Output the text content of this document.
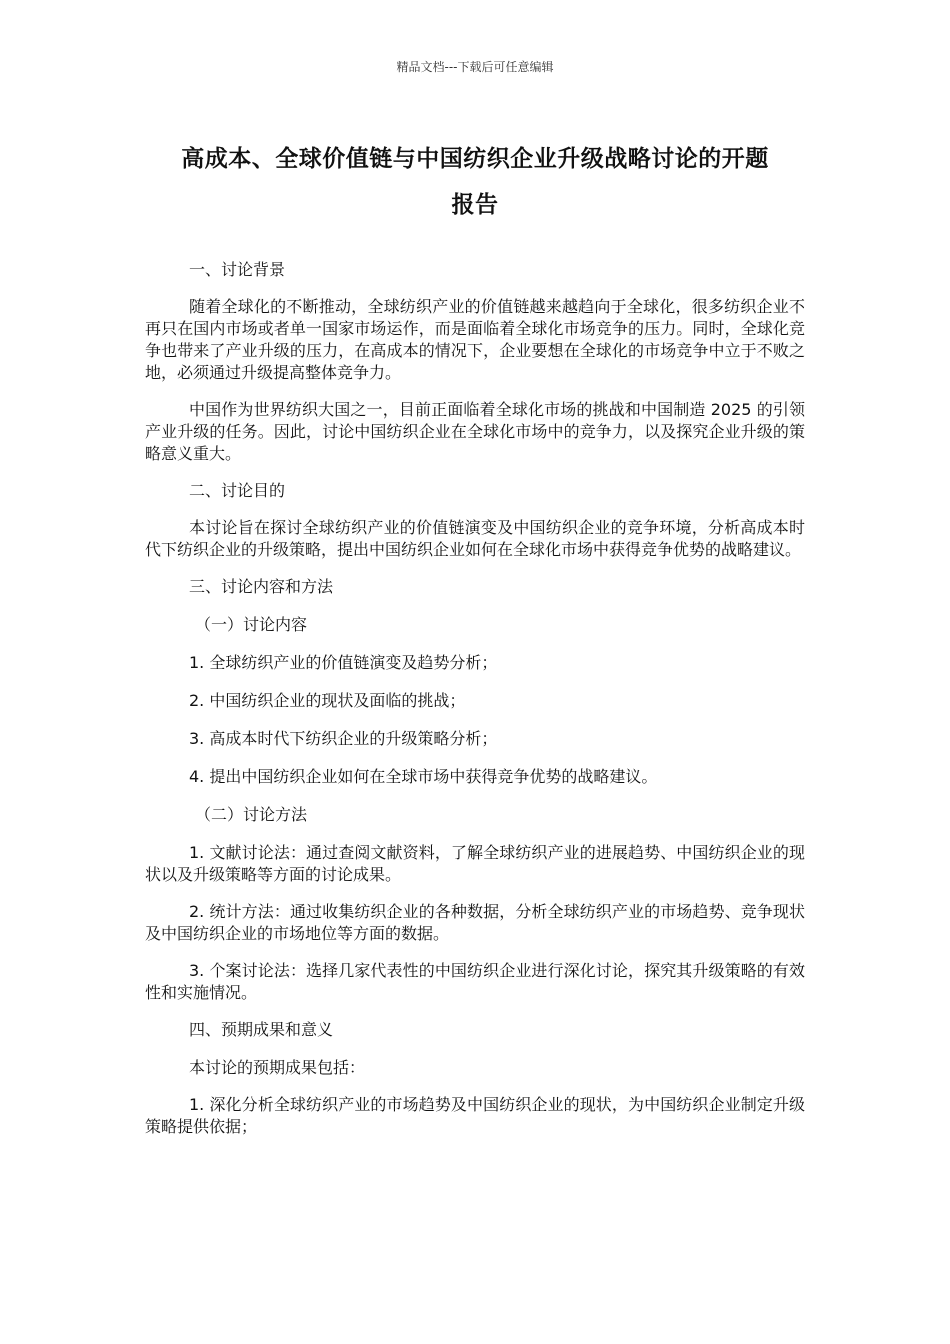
精品文档---下载后可任意编辑
高成本、全球价值链与中国纺织企业升级战略讨论的开题
报告

一、讨论背景

随着全球化的不断推动，全球纺织产业的价值链越来越趋向于全球化，很多纺织企业不再只在国内市场或者单一国家市场运作，而是面临着全球化市场竞争的压力。同时，全球化竞争也带来了产业升级的压力，在高成本的情况下，企业要想在全球化的市场竞争中立于不败之地，必须通过升级提高整体竞争力。

中国作为世界纺织大国之一，目前正面临着全球化市场的挑战和中国制造 2025 的引领产业升级的任务。因此，讨论中国纺织企业在全球化市场中的竞争力，以及探究企业升级的策略意义重大。

二、讨论目的

本讨论旨在探讨全球纺织产业的价值链演变及中国纺织企业的竞争环境，分析高成本时代下纺织企业的升级策略，提出中国纺织企业如何在全球化市场中获得竞争优势的战略建议。

三、讨论内容和方法

（一）讨论内容

1. 全球纺织产业的价值链演变及趋势分析；

2. 中国纺织企业的现状及面临的挑战；

3. 高成本时代下纺织企业的升级策略分析；

4. 提出中国纺织企业如何在全球市场中获得竞争优势的战略建议。

（二）讨论方法

1. 文献讨论法：通过查阅文献资料，了解全球纺织产业的进展趋势、中国纺织企业的现状以及升级策略等方面的讨论成果。

2. 统计方法：通过收集纺织企业的各种数据，分析全球纺织产业的市场趋势、竞争现状及中国纺织企业的市场地位等方面的数据。

3. 个案讨论法：选择几家代表性的中国纺织企业进行深化讨论，探究其升级策略的有效性和实施情况。

四、预期成果和意义

本讨论的预期成果包括：

1. 深化分析全球纺织产业的市场趋势及中国纺织企业的现状，为中国纺织企业制定升级策略提供依据；
